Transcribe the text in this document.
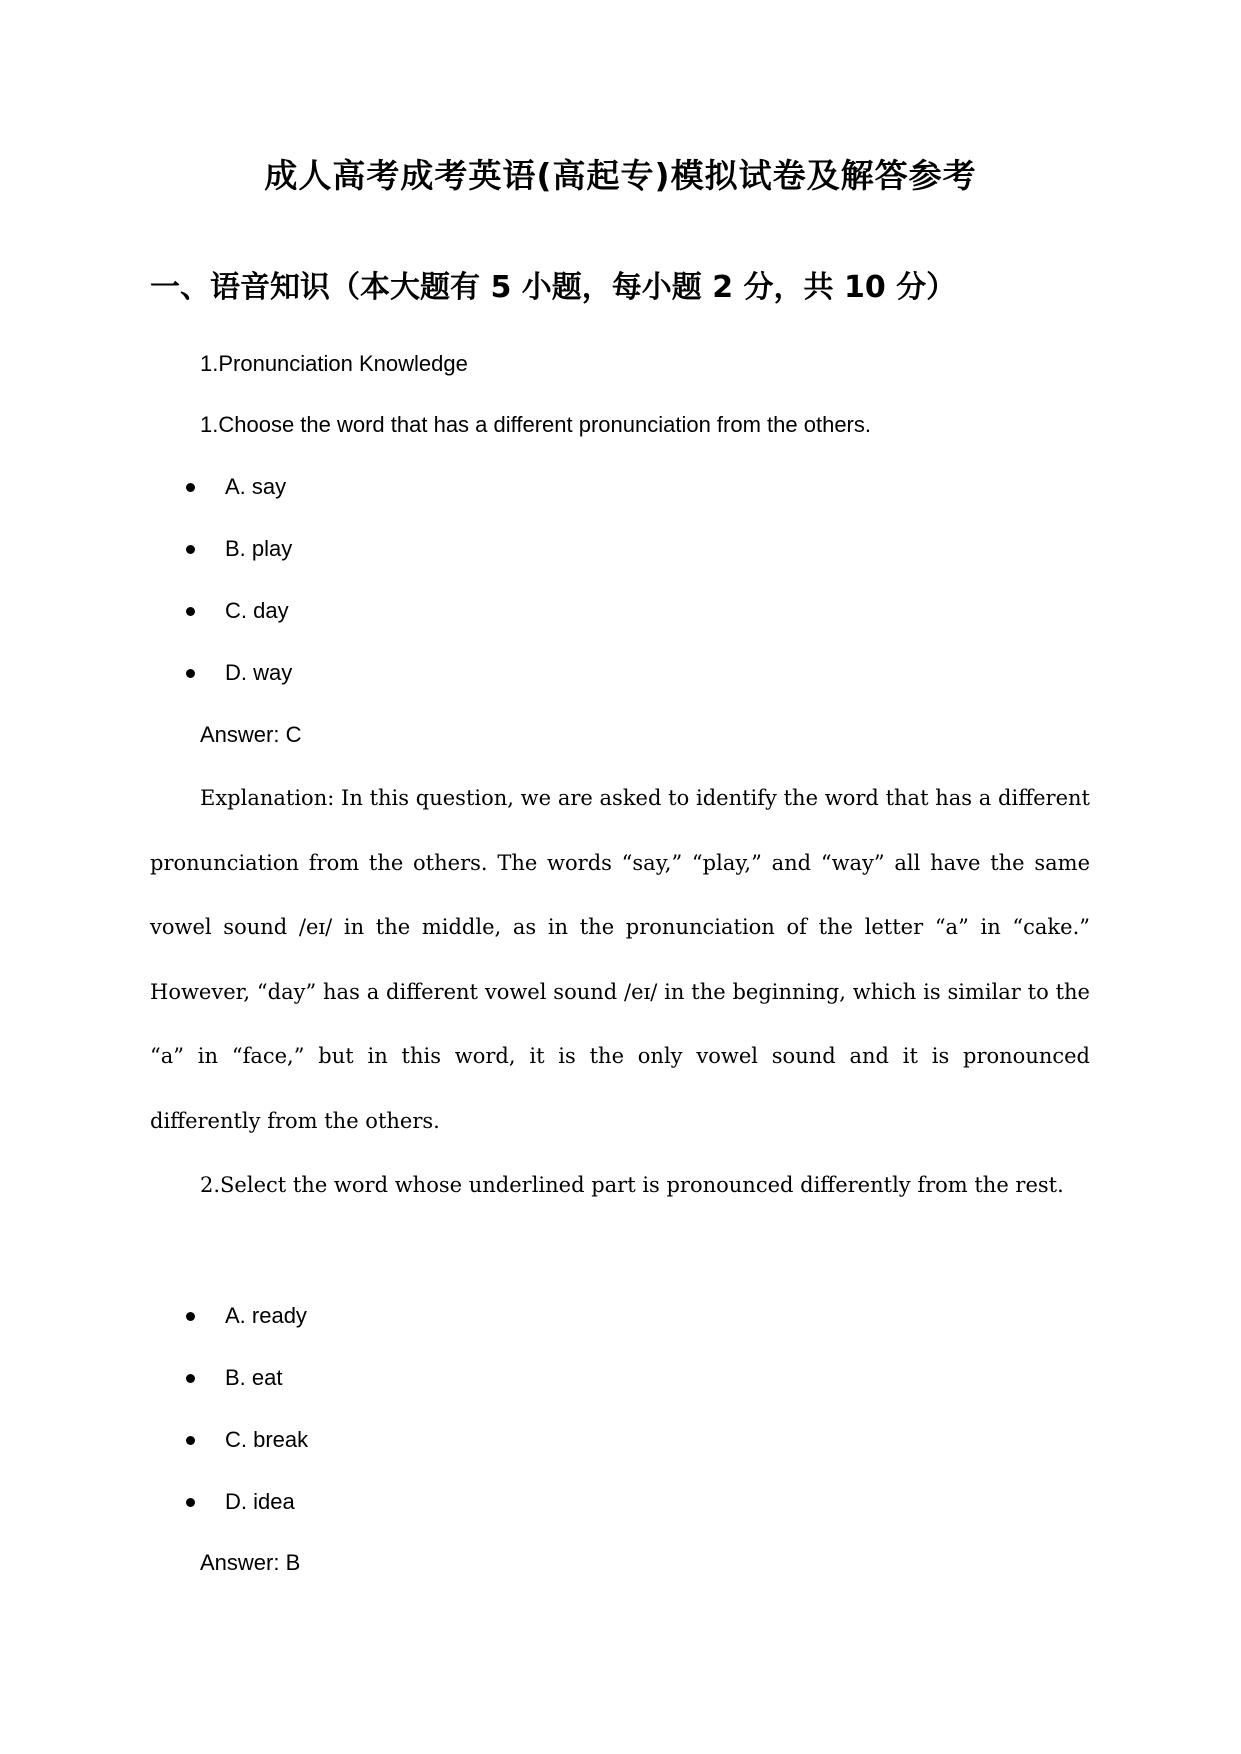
成人高考成考英语(高起专)模拟试卷及解答参考
一、语音知识（本大题有 5 小题，每小题 2 分，共 10 分）

1.Pronunciation Knowledge

1.Choose the word that has a different pronunciation from the others.

A. say
B. play
C. day
D. way

Answer: C

Explanation: In this question, we are asked to identify the word that has a different pronunciation from the others. The words “say,” “play,” and “way” all have the same vowel sound /eɪ/ in the middle, as in the pronunciation of the letter “a” in “cake.” However, “day” has a different vowel sound /eɪ/ in the beginning, which is similar to the “a” in “face,” but in this word, it is the only vowel sound and it is pronounced differently from the others.

2.Select the word whose underlined part is pronounced differently from the rest.

A. ready
B. eat
C. break
D. idea

Answer: B
